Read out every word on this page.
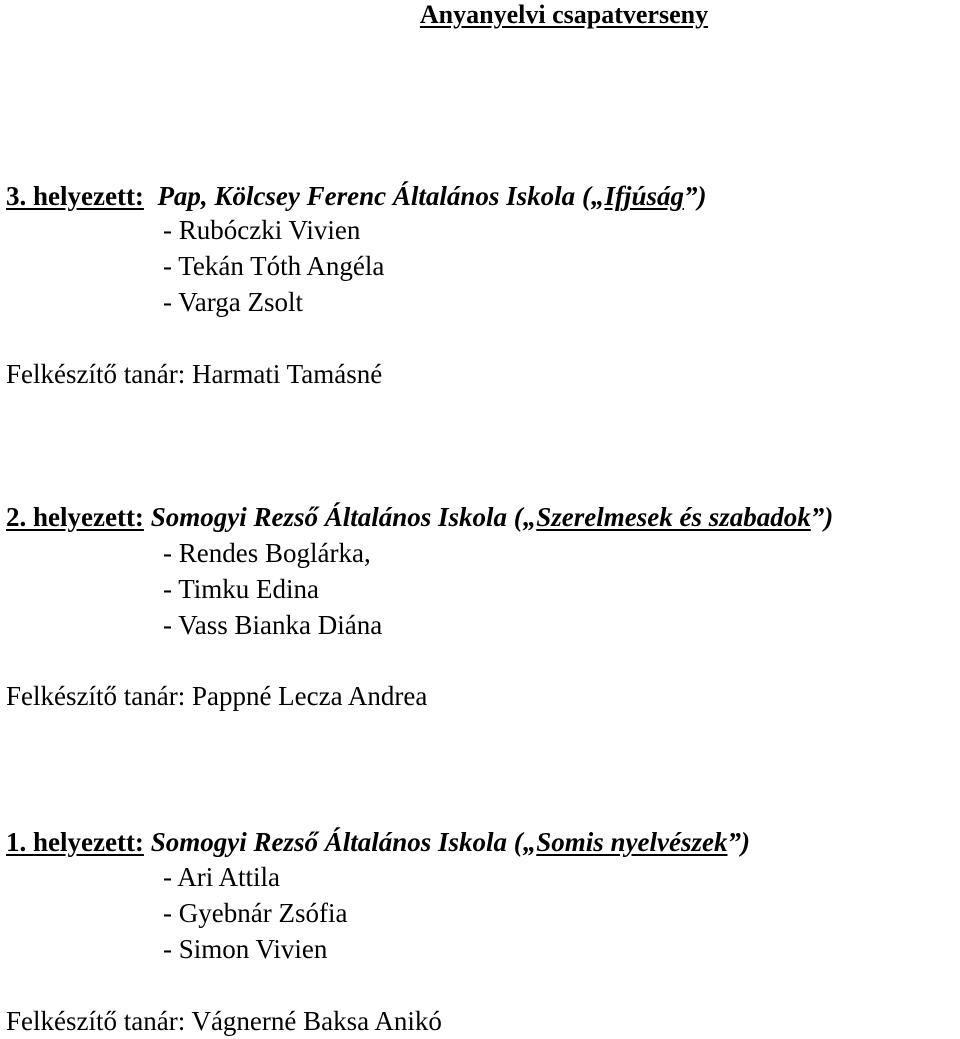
Anyanyelvi csapatverseny
3. helyezett: Pap, Kölcsey Ferenc Általános Iskola („Ifjúság”)
- Rubóczki Vivien
- Tekán Tóth Angéla
- Varga Zsolt
Felkészítő tanár: Harmati Tamásné
2. helyezett: Somogyi Rezső Általános Iskola („Szerelmesek és szabadok”)
- Rendes Boglárka,
- Timku Edina
- Vass Bianka Diána
Felkészítő tanár: Pappné Lecza Andrea
1. helyezett: Somogyi Rezső Általános Iskola („Somis nyelvészek”)
- Ari Attila
- Gyebnár Zsófia
- Simon Vivien
Felkészítő tanár: Vágnerné Baksa Anikó
